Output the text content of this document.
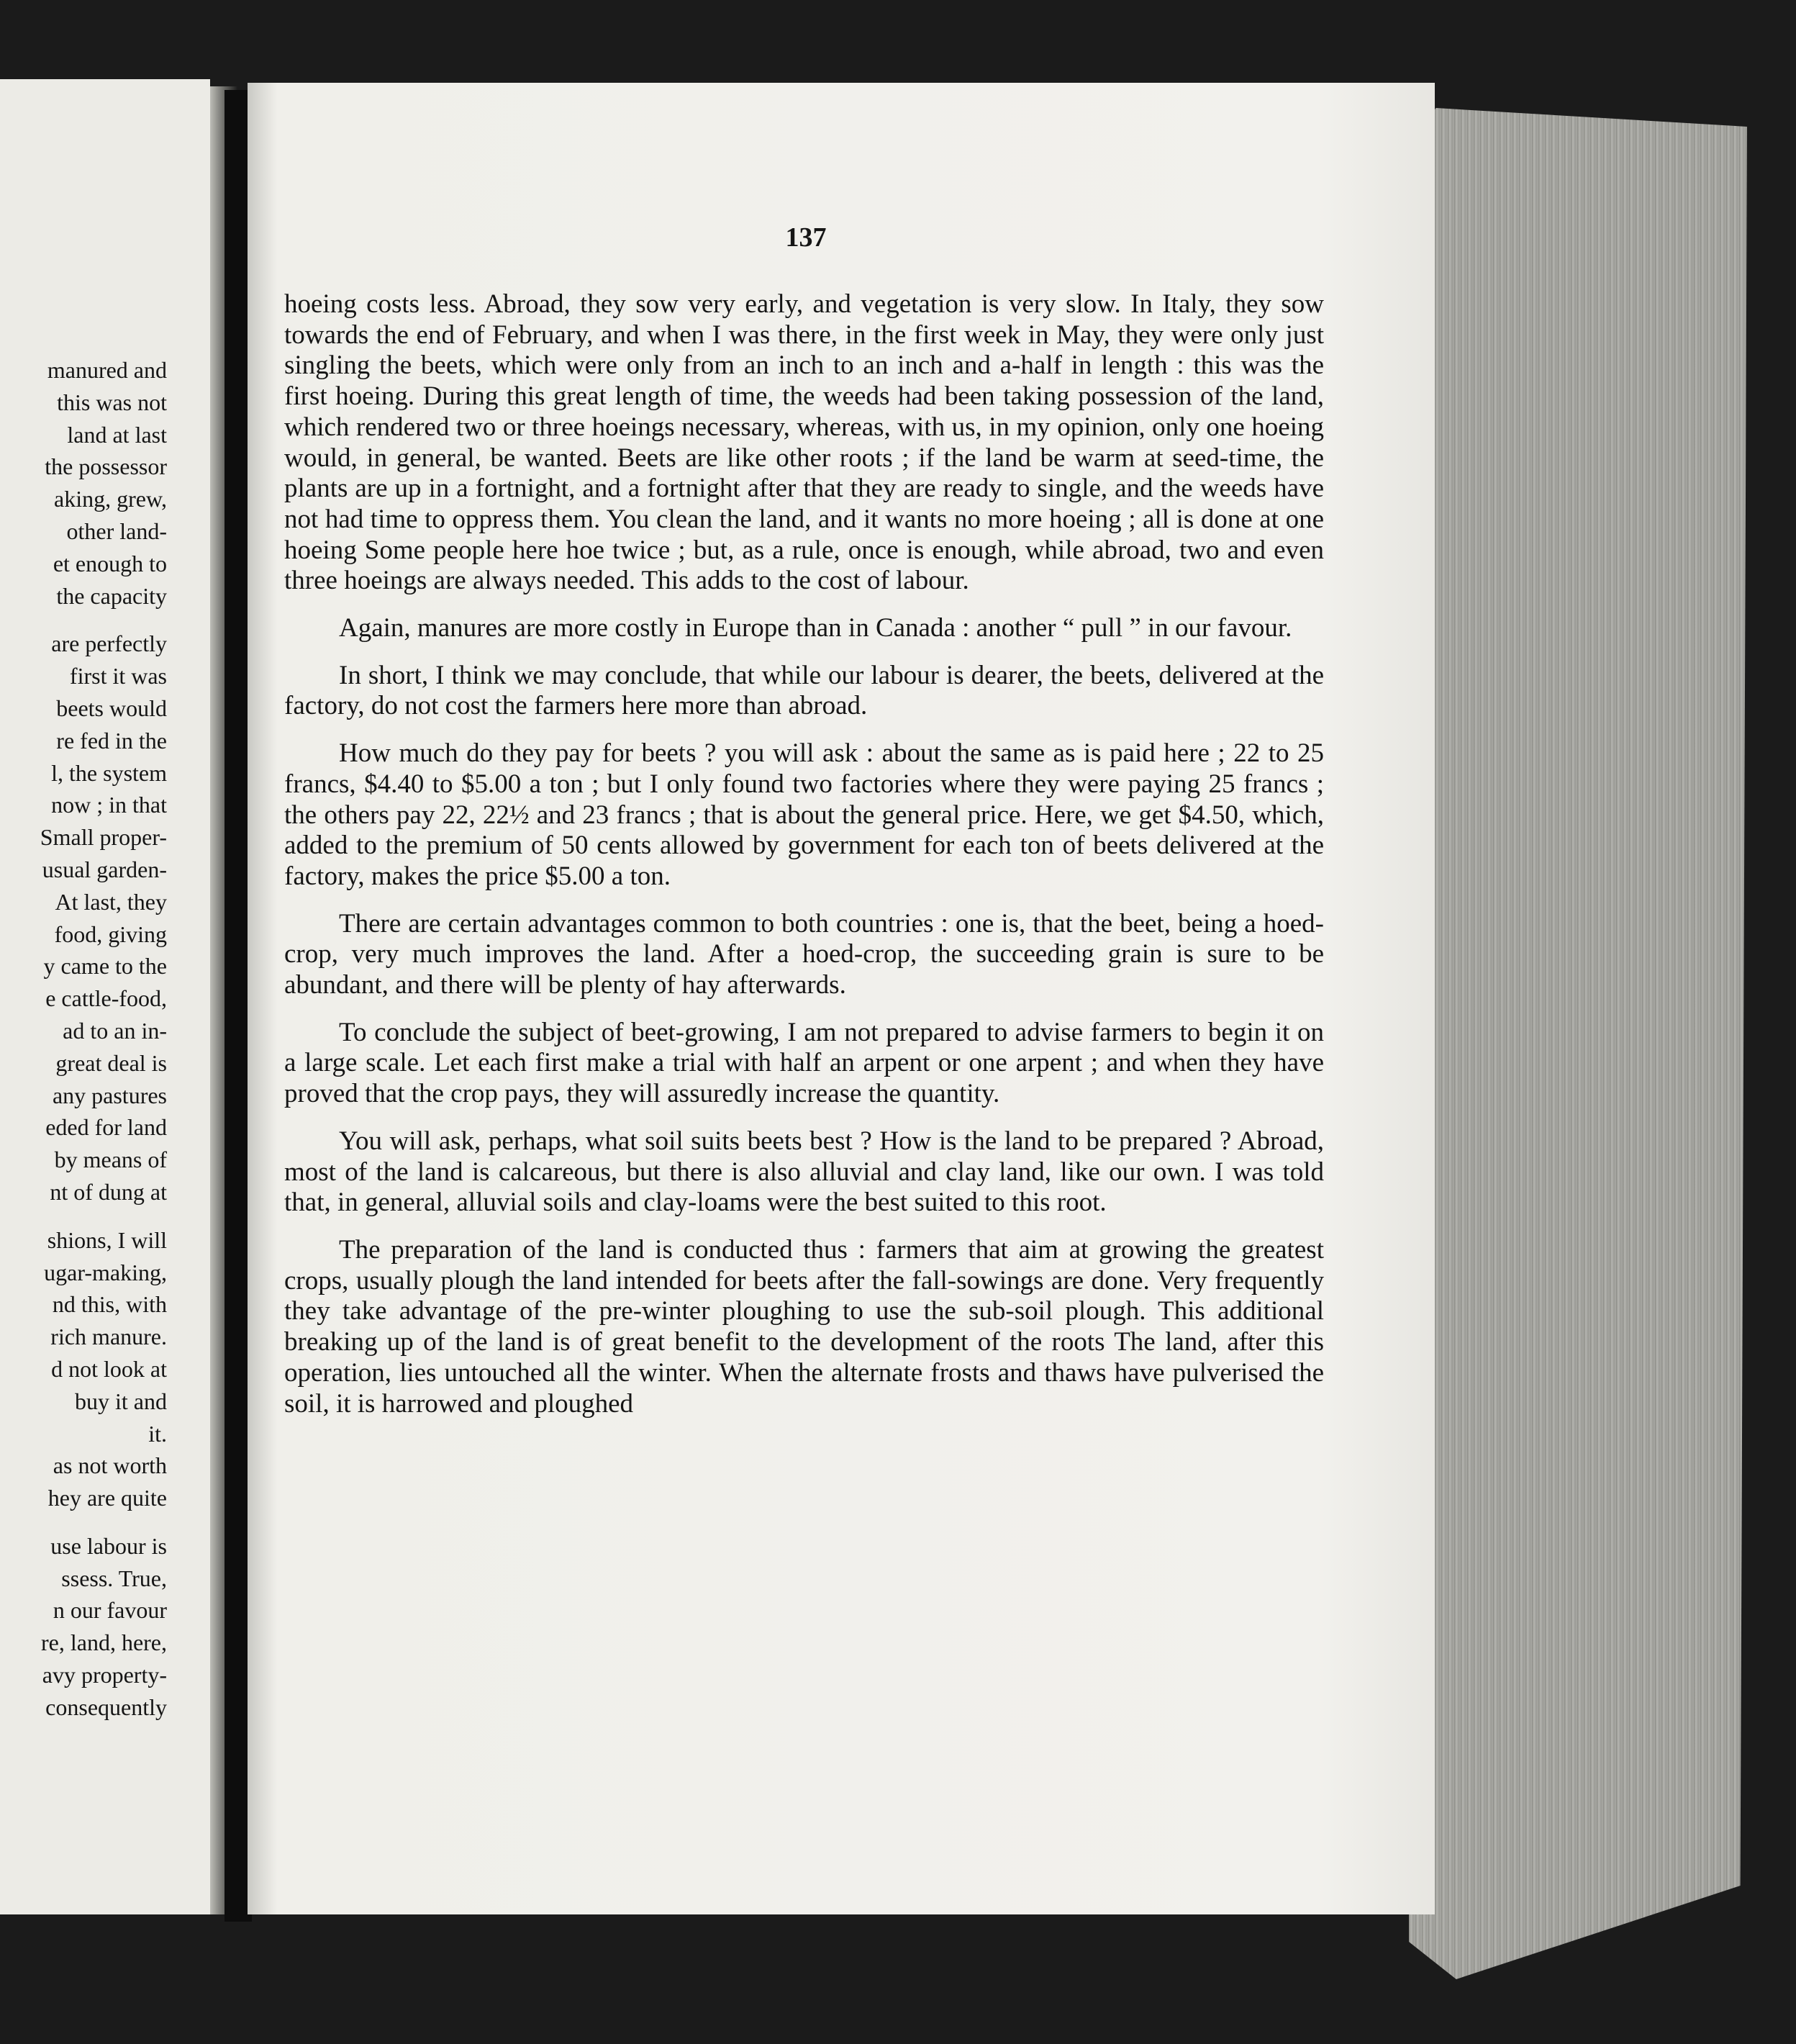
manured and
this was not
land at last
the possessor
aking, grew,
other land-
et enough to
the capacity
are perfectly
first it was
beets would
re fed in the
l, the system
now ; in that
Small proper-
usual garden-
At last, they
food, giving
y came to the
e cattle-food,
ad to an in-
great deal is
any pastures
eded for land
by means of
nt of dung at
shions, I will
ugar-making,
nd this, with
rich manure.
d not look at
buy it and
it.
as not worth
hey are quite
use labour is
ssess. True,
n our favour
re, land, here,
avy property-
consequently
137

hoeing costs less. Abroad, they sow very early, and vegetation is very slow. In Italy, they sow towards the end of February, and when I was there, in the first week in May, they were only just singling the beets, which were only from an inch to an inch and a-half in length : this was the first hoeing. During this great length of time, the weeds had been taking possession of the land, which rendered two or three hoeings necessary, whereas, with us, in my opinion, only one hoeing would, in general, be wanted. Beets are like other roots ; if the land be warm at seed-time, the plants are up in a fortnight, and a fortnight after that they are ready to single, and the weeds have not had time to oppress them. You clean the land, and it wants no more hoeing ; all is done at one hoeing Some people here hoe twice ; but, as a rule, once is enough, while abroad, two and even three hoeings are always needed. This adds to the cost of labour.

Again, manures are more costly in Europe than in Canada : another “ pull ” in our favour.

In short, I think we may conclude, that while our labour is dearer, the beets, delivered at the factory, do not cost the farmers here more than abroad.

How much do they pay for beets ? you will ask : about the same as is paid here ; 22 to 25 francs, $4.40 to $5.00 a ton ; but I only found two factories where they were paying 25 francs ; the others pay 22, 22½ and 23 francs ; that is about the general price. Here, we get $4.50, which, added to the premium of 50 cents allowed by government for each ton of beets delivered at the factory, makes the price $5.00 a ton.

There are certain advantages common to both countries : one is, that the beet, being a hoed-crop, very much improves the land. After a hoed-crop, the succeeding grain is sure to be abundant, and there will be plenty of hay afterwards.

To conclude the subject of beet-growing, I am not prepared to advise farmers to begin it on a large scale. Let each first make a trial with half an arpent or one arpent ; and when they have proved that the crop pays, they will assuredly increase the quantity.

You will ask, perhaps, what soil suits beets best ? How is the land to be prepared ? Abroad, most of the land is calcareous, but there is also alluvial and clay land, like our own. I was told that, in general, alluvial soils and clay-loams were the best suited to this root.

The preparation of the land is conducted thus : farmers that aim at growing the greatest crops, usually plough the land intended for beets after the fall-sowings are done. Very frequently they take advantage of the pre-winter ploughing to use the sub-soil plough. This additional breaking up of the land is of great benefit to the development of the roots The land, after this operation, lies untouched all the winter. When the alternate frosts and thaws have pulverised the soil, it is harrowed and ploughed
